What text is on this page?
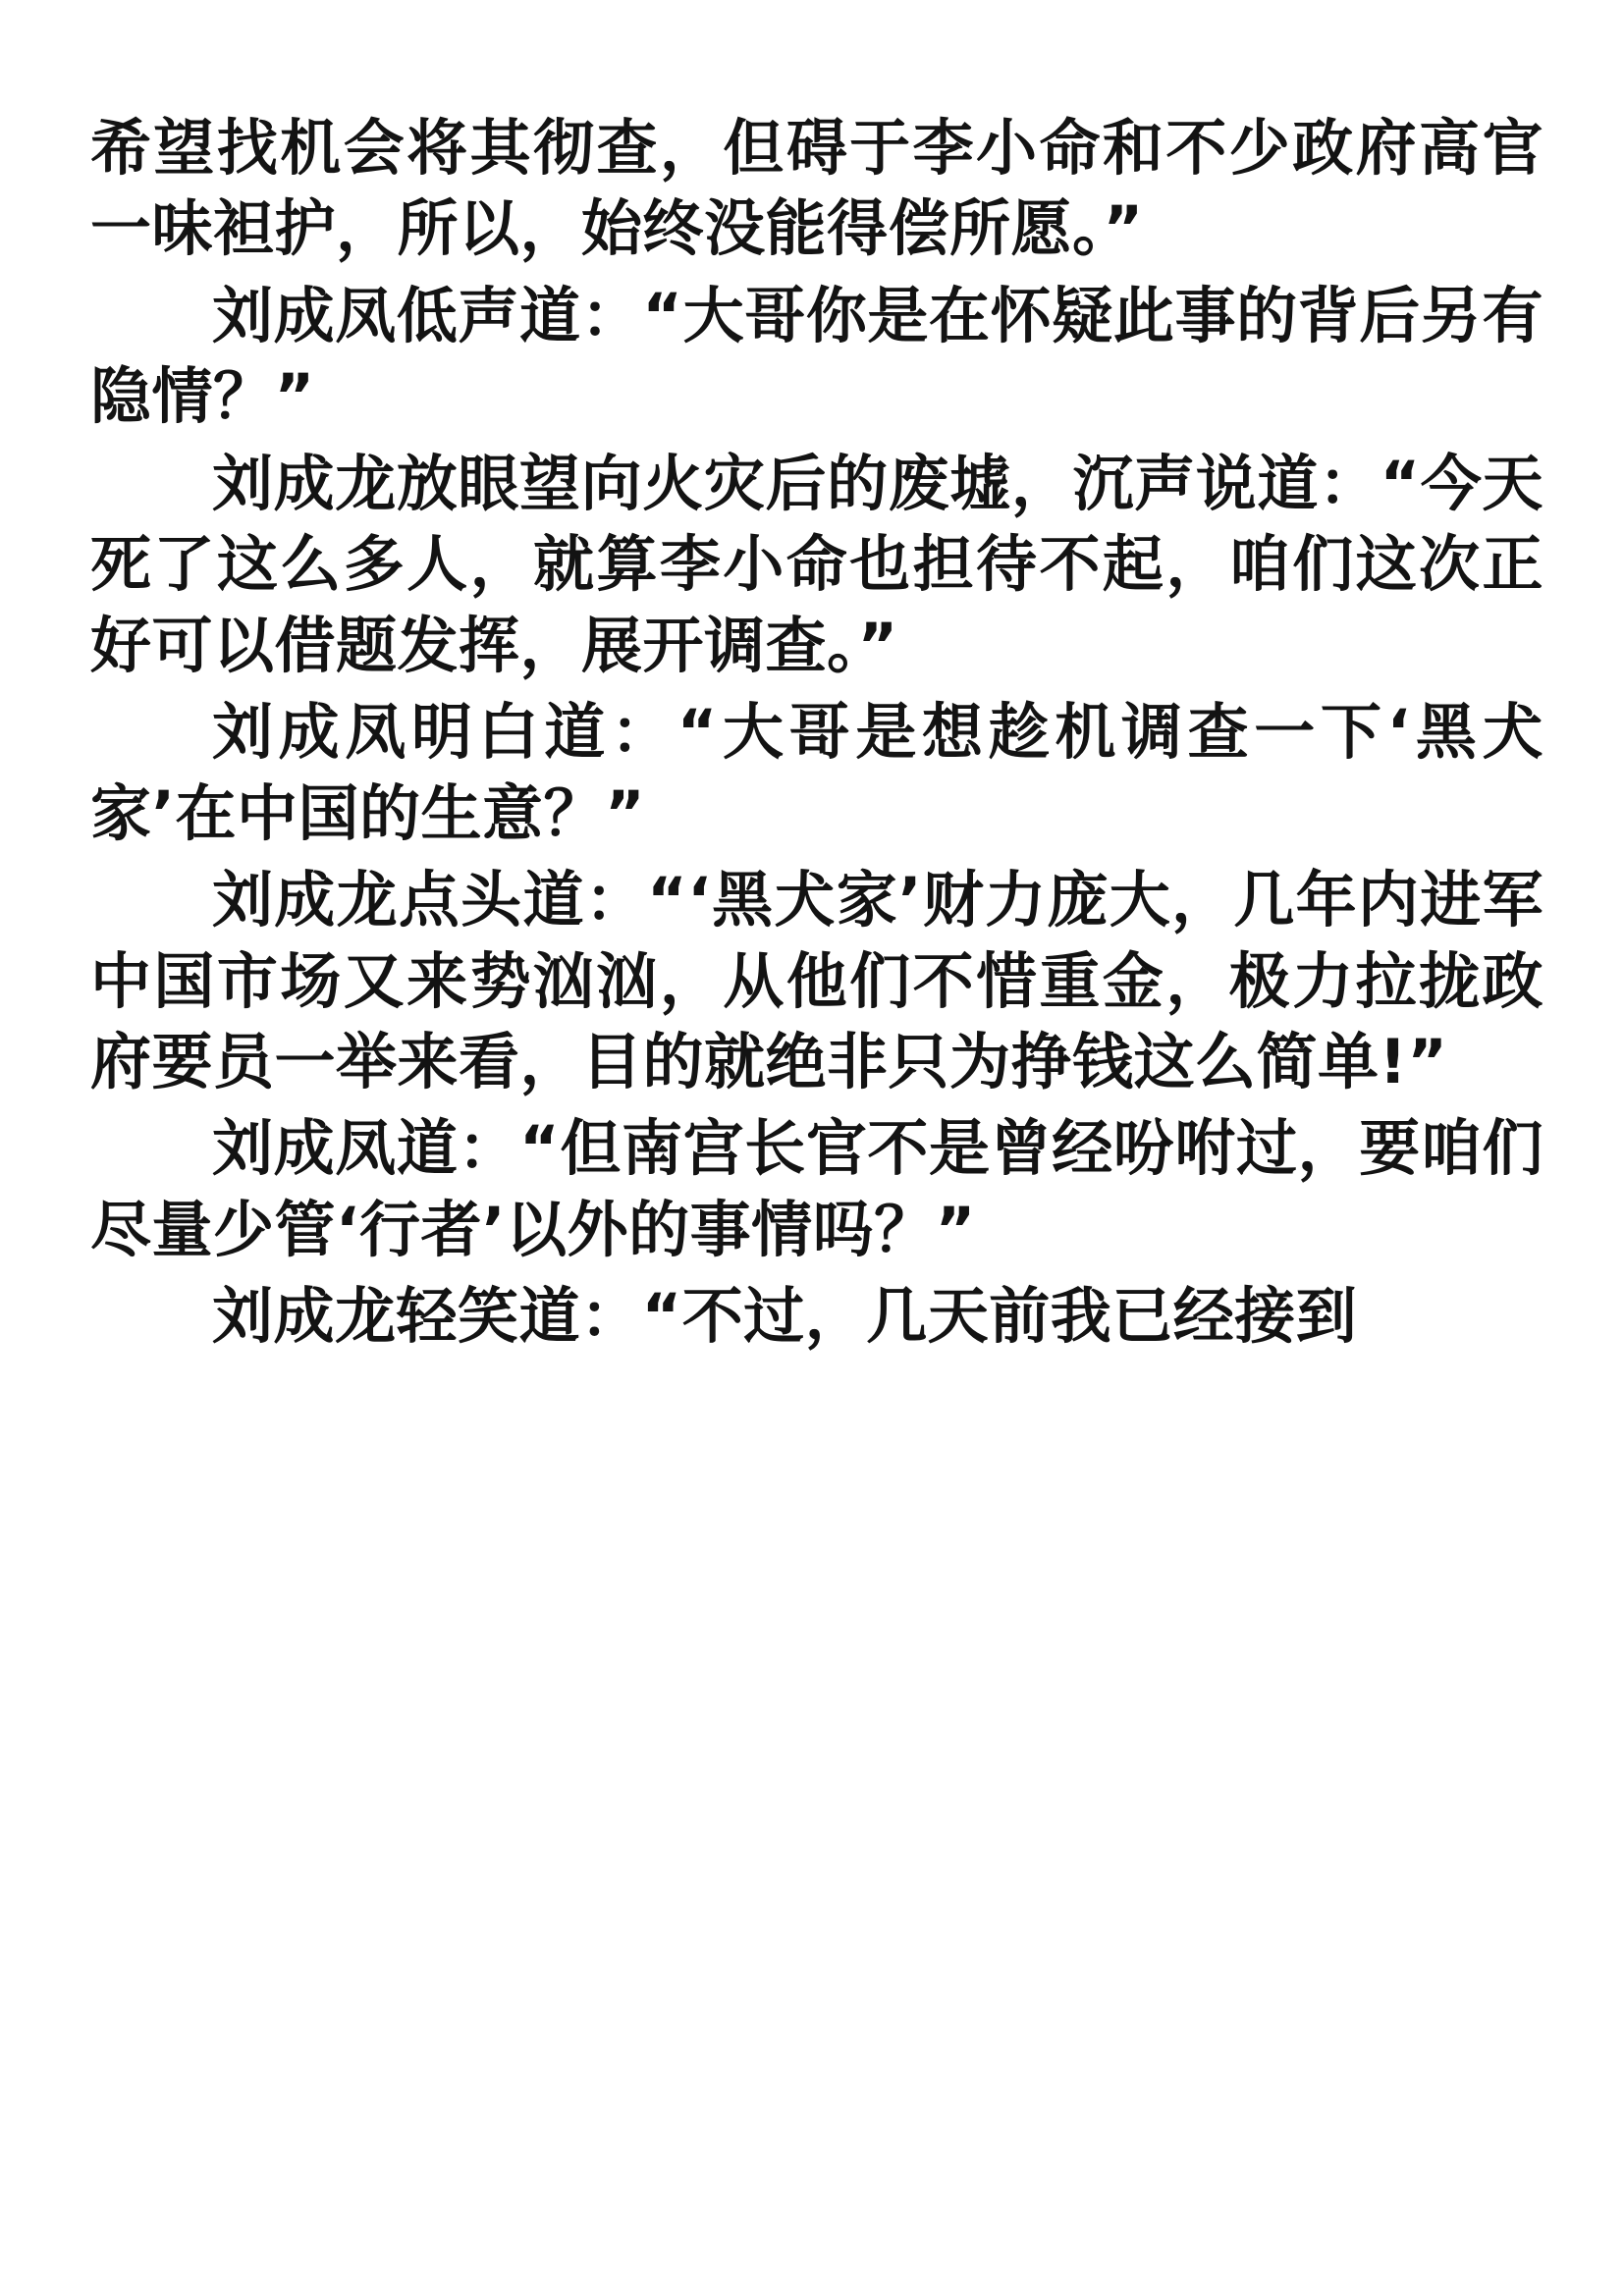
希望找机会将其彻查，但碍于李小命和不少政府高官一味袒护，所以，始终没能得偿所愿。”

刘成凤低声道：“大哥你是在怀疑此事的背后另有隐情？”

刘成龙放眼望向火灾后的废墟，沉声说道：“今天死了这么多人，就算李小命也担待不起，咱们这次正好可以借题发挥，展开调查。”

刘成凤明白道：“大哥是想趁机调查一下‘黑犬家’在中国的生意？”

刘成龙点头道：“‘黑犬家’财力庞大，几年内进军中国市场又来势汹汹，从他们不惜重金，极力拉拢政府要员一举来看，目的就绝非只为挣钱这么简单!”

刘成凤道：“但南宫长官不是曾经吩咐过，要咱们尽量少管‘行者’以外的事情吗？”

刘成龙轻笑道：“不过，几天前我已经接到
